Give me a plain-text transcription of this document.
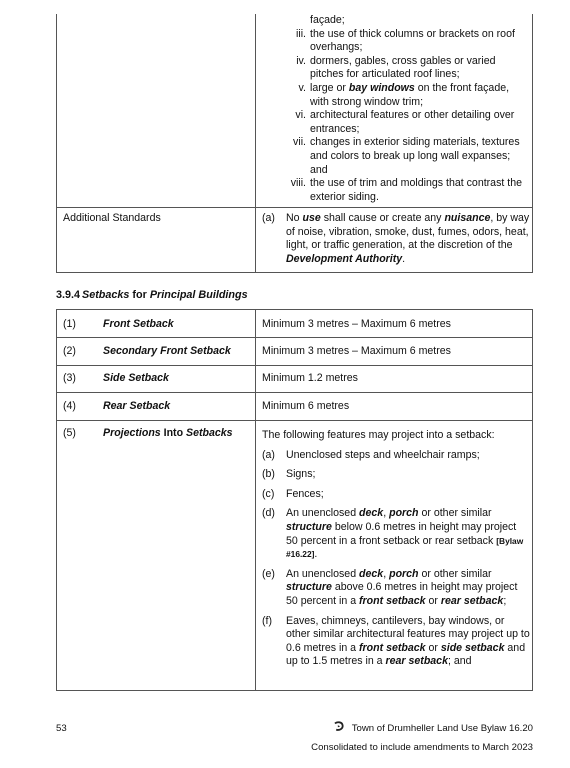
façade;
iii. the use of thick columns or brackets on roof overhangs;
iv. dormers, gables, cross gables or varied pitches for articulated roof lines;
v. large or bay windows on the front façade, with strong window trim;
vi. architectural features or other detailing over entrances;
vii. changes in exterior siding materials, textures and colors to break up long wall expanses; and
viii. the use of trim and moldings that contrast the exterior siding.
Additional Standards	(a)	No use shall cause or create any nuisance, by way of noise, vibration, smoke, dust, fumes, odors, heat, light, or traffic generation, at the discretion of the Development Authority.
3.9.4 Setbacks for Principal Buildings
(1)	Front Setback	Minimum 3 metres – Maximum 6 metres
(2)	Secondary Front Setback	Minimum 3 metres – Maximum 6 metres
(3)	Side Setback	Minimum 1.2 metres
(4)	Rear Setback	Minimum 6 metres
(5)	Projections Into Setbacks	The following features may project into a setback:
(a) Unenclosed steps and wheelchair ramps;
(b) Signs;
(c) Fences;
(d) An unenclosed deck, porch or other similar structure below 0.6 metres in height may project 50 percent in a front setback or rear setback [Bylaw #16.22].
(e) An unenclosed deck, porch or other similar structure above 0.6 metres in height may project 50 percent in a front setback or rear setback;
(f) Eaves, chimneys, cantilevers, bay windows, or other similar architectural features may project up to 0.6 metres in a front setback or side setback and up to 1.5 metres in a rear setback; and
53	Town of Drumheller Land Use Bylaw 16.20
Consolidated to include amendments to March 2023
